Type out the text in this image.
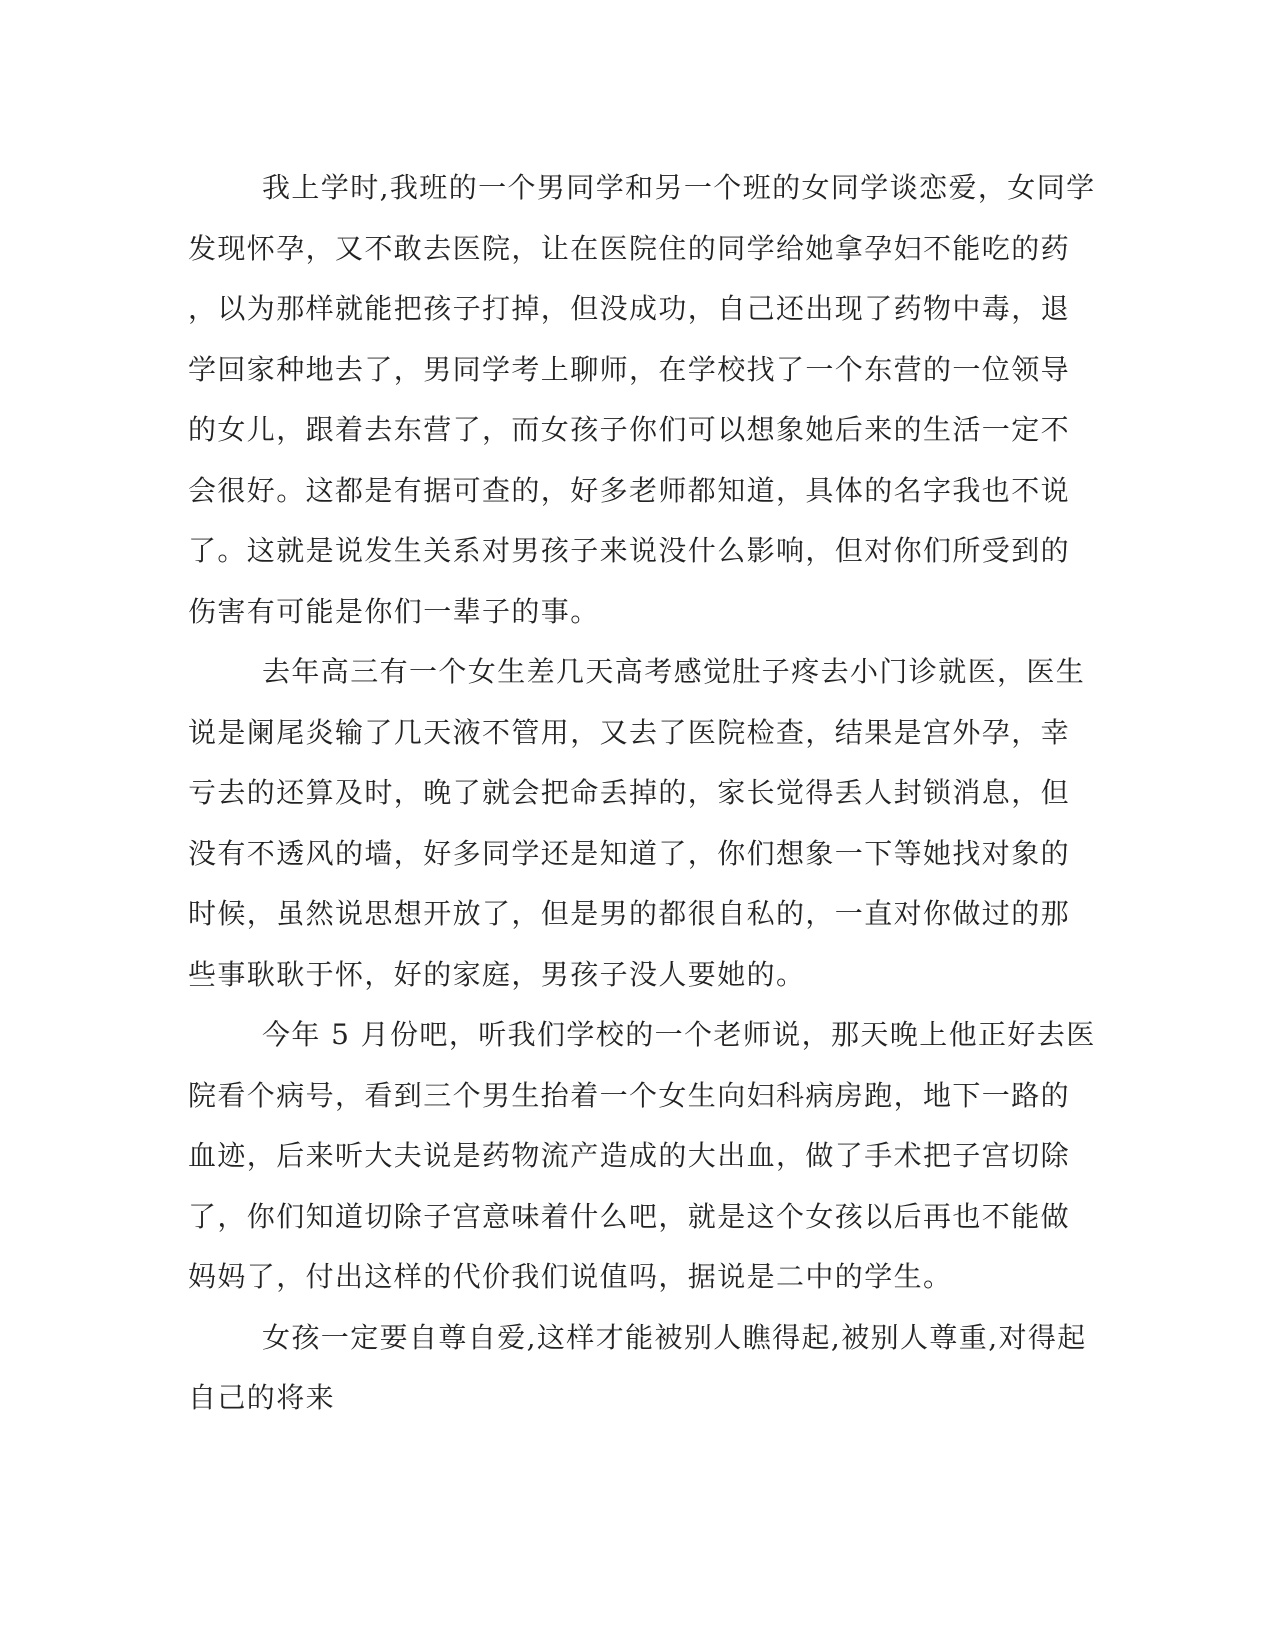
我上学时,我班的一个男同学和另一个班的女同学谈恋爱，女同学
发现怀孕，又不敢去医院，让在医院住的同学给她拿孕妇不能吃的药
，以为那样就能把孩子打掉，但没成功，自己还出现了药物中毒，退
学回家种地去了，男同学考上聊师，在学校找了一个东营的一位领导
的女儿，跟着去东营了，而女孩子你们可以想象她后来的生活一定不
会很好。这都是有据可查的，好多老师都知道，具体的名字我也不说
了。这就是说发生关系对男孩子来说没什么影响，但对你们所受到的
伤害有可能是你们一辈子的事。
去年高三有一个女生差几天高考感觉肚子疼去小门诊就医，医生
说是阑尾炎输了几天液不管用，又去了医院检查，结果是宫外孕，幸
亏去的还算及时，晚了就会把命丢掉的，家长觉得丢人封锁消息，但
没有不透风的墙，好多同学还是知道了，你们想象一下等她找对象的
时候，虽然说思想开放了，但是男的都很自私的，一直对你做过的那
些事耿耿于怀，好的家庭，男孩子没人要她的。
今年 5 月份吧，听我们学校的一个老师说，那天晚上他正好去医
院看个病号，看到三个男生抬着一个女生向妇科病房跑，地下一路的
血迹，后来听大夫说是药物流产造成的大出血，做了手术把子宫切除
了，你们知道切除子宫意味着什么吧，就是这个女孩以后再也不能做
妈妈了，付出这样的代价我们说值吗，据说是二中的学生。
女孩一定要自尊自爱,这样才能被别人瞧得起,被别人尊重,对得起
自己的将来
